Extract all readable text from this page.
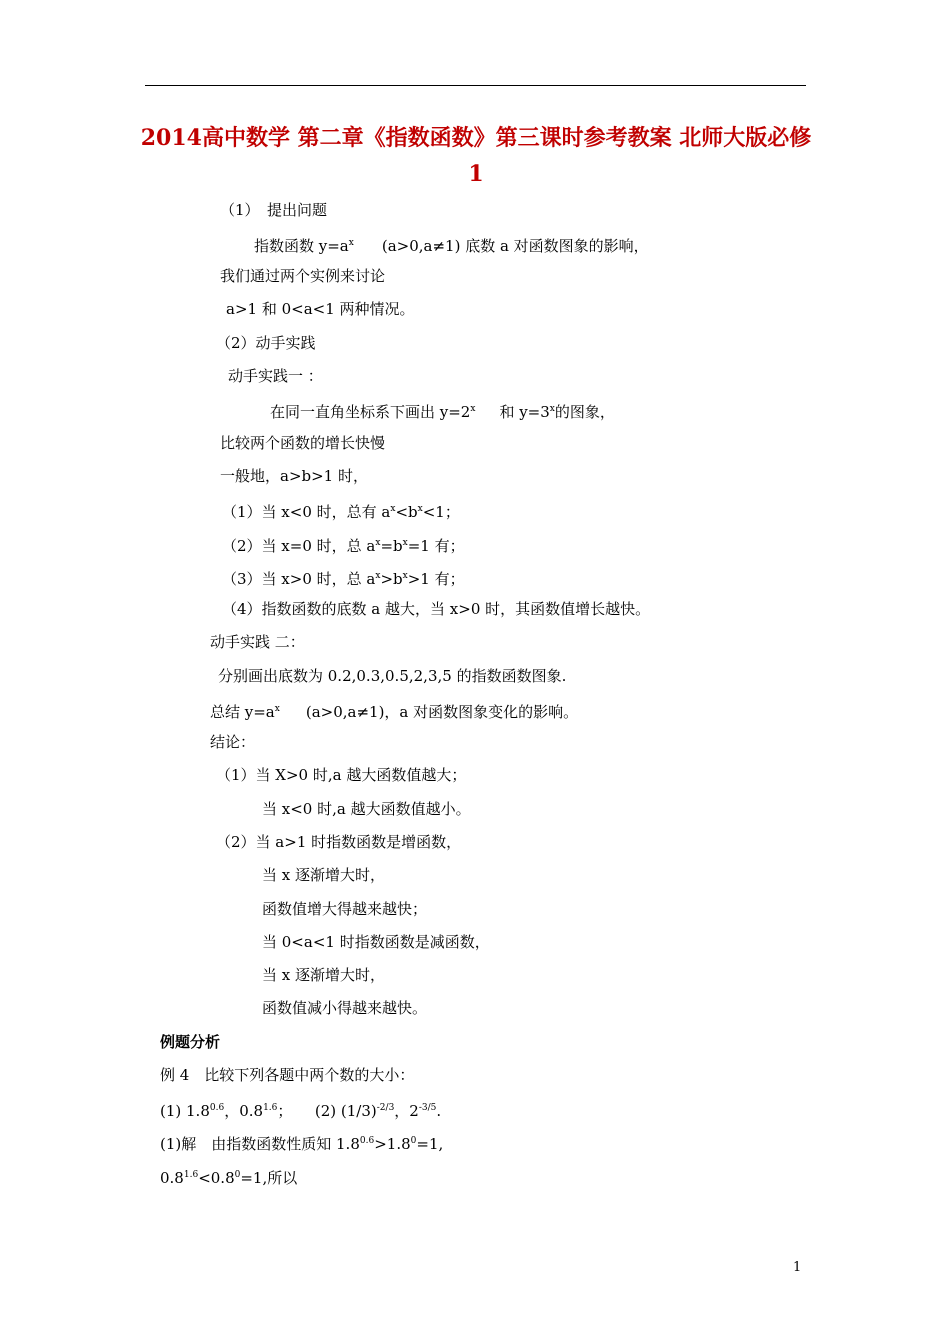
2014高中数学 第二章《指数函数》第三课时参考教案 北师大版必修1
（1）　提出问题
指数函数 $y=a^x$ (a>0,a≠1) 底数 a 对函数图象的影响，
我们通过两个实例来讨论
a>1 和 0<a<1 两种情况。
（2）动手实践
动手实践一 ：
在同一直角坐标系下画出 $y=2^x$ 和 $y=3^x$的图象，
比较两个函数的增长快慢
一般地，a>b>1 时，
（1）当 x<0 时，总有 $a^x<b^x<1$；
（2）当 x=0 时，总 $a^x=b^x=1$ 有；
（3）当 x>0 时，总 $a^x>b^x>1$ 有；
（4）指数函数的底数 a 越大，当 x>0 时，其函数值增长越快。
动手实践 二：
分别画出底数为 0.2,0.3,0.5,2,3,5 的指数函数图象.
总结 $y=a^x$ (a>0,a≠1)，a 对函数图象变化的影响。
结论：
（1）当 X>0 时,a 越大函数值越大；
当 x<0 时,a 越大函数值越小。
（2）当 a>1 时指数函数是增函数，
当 x 逐渐增大时，
函数值增大得越来越快；
当 0<a<1 时指数函数是减函数，
当 x 逐渐增大时，
函数值减小得越来越快。
例题分析
例 4　比较下列各题中两个数的大小：
(1) $1.8^{0.6}$，$0.8^{1.6}$；　　(2) $(1/3)^{-2/3}$，$2^{-3/5}$.
(1)解　由指数函数性质知 $1.8^{0.6}>1.8^0=1$,
$0.8^{1.6}<0.8^0=1$,所以
1
